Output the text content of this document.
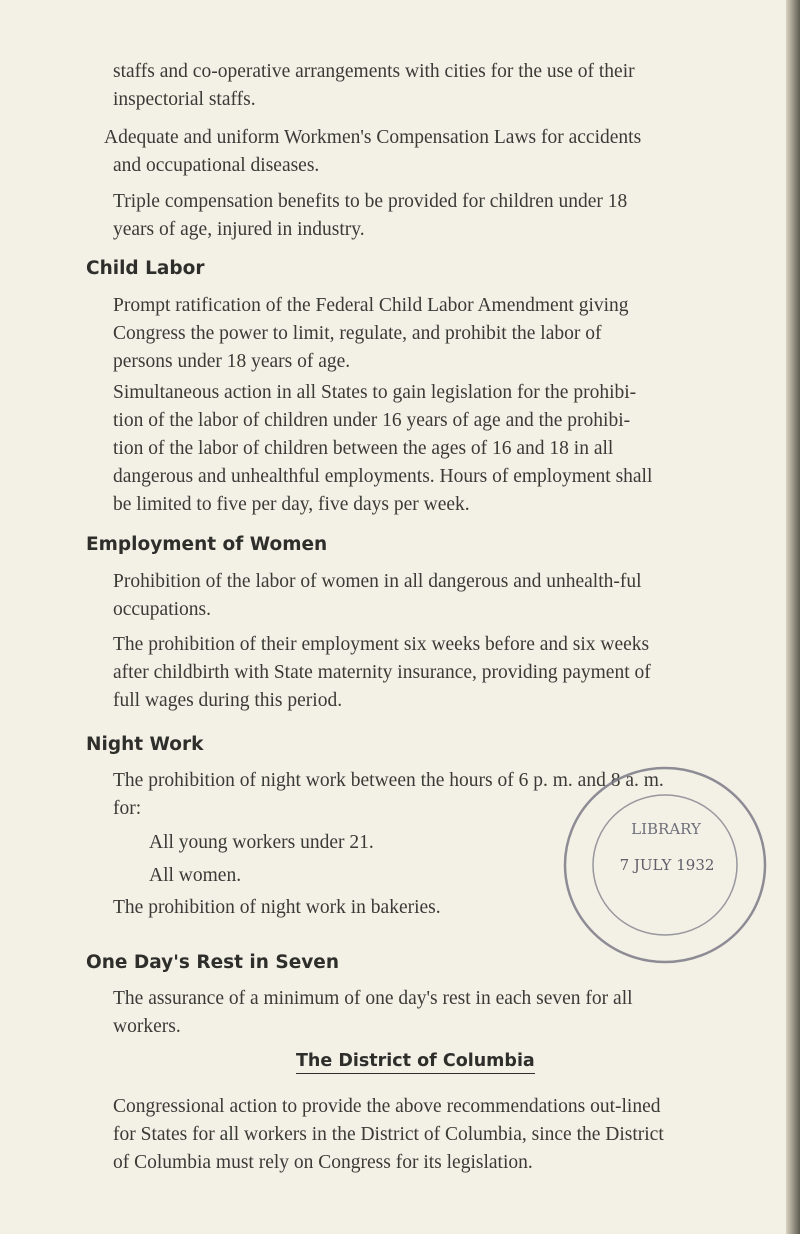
staffs and co-operative arrangements with cities for the use of their inspectorial staffs.

Adequate and uniform Workmen's Compensation Laws for accidents and occupational diseases.

Triple compensation benefits to be provided for children under 18 years of age, injured in industry.

Child Labor

Prompt ratification of the Federal Child Labor Amendment giving Congress the power to limit, regulate, and prohibit the labor of persons under 18 years of age.

Simultaneous action in all States to gain legislation for the prohibi-tion of the labor of children under 16 years of age and the prohibi-tion of the labor of children between the ages of 16 and 18 in all dangerous and unhealthful employments. Hours of employment shall be limited to five per day, five days per week.

Employment of Women

Prohibition of the labor of women in all dangerous and unhealth-ful occupations.

The prohibition of their employment six weeks before and six weeks after childbirth with State maternity insurance, providing payment of full wages during this period.

Night Work

The prohibition of night work between the hours of 6 p. m. and 8 a. m. for:

All young workers under 21.

All women.

The prohibition of night work in bakeries.

One Day's Rest in Seven

The assurance of a minimum of one day's rest in each seven for all workers.

The District of Columbia

Congressional action to provide the above recommendations out-lined for States for all workers in the District of Columbia, since the District of Columbia must rely on Congress for its legislation.

LIBRARY
7 JULY 1932
